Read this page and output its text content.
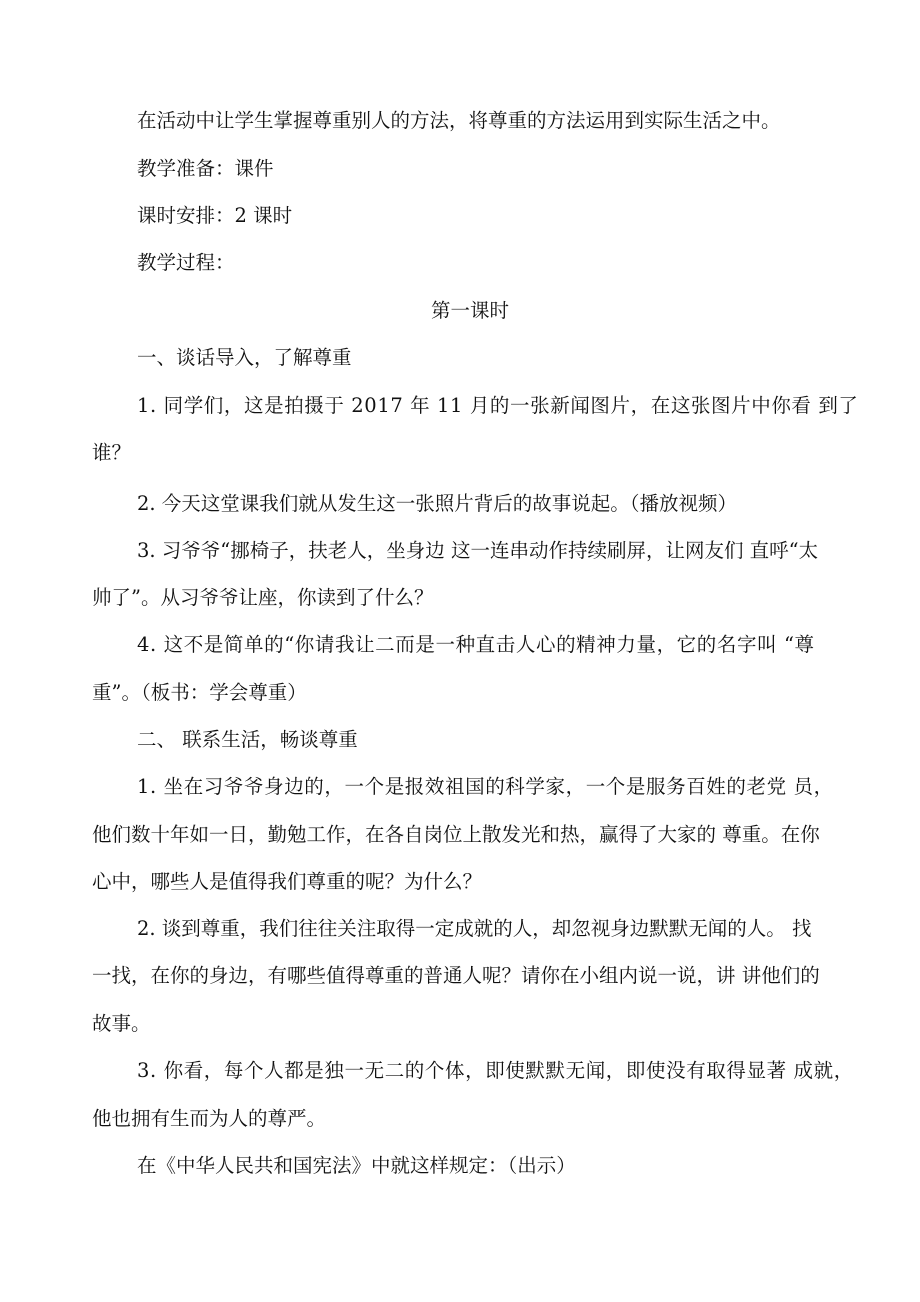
在活动中让学生掌握尊重别人的方法，将尊重的方法运用到实际生活之中。
教学准备：课件
课时安排：2 课时
教学过程：
第一课时
一、谈话导入，了解尊重
1. 同学们，这是拍摄于 2017 年 11 月的一张新闻图片，在这张图片中你看 到了
谁？
2. 今天这堂课我们就从发生这一张照片背后的故事说起。（播放视频）
3. 习爷爷“挪椅子，扶老人，坐身边 这一连串动作持续刷屏，让网友们 直呼“太
帅了”。从习爷爷让座，你读到了什么？
4. 这不是简单的“你请我让二而是一种直击人心的精神力量，它的名字叫 “尊
重”。（板书：学会尊重）
二、 联系生活，畅谈尊重
1. 坐在习爷爷身边的，一个是报效祖国的科学家，一个是服务百姓的老党 员，
他们数十年如一日，勤勉工作，在各自岗位上散发光和热，赢得了大家的 尊重。在你
心中，哪些人是值得我们尊重的呢？为什么？
2. 谈到尊重，我们往往关注取得一定成就的人，却忽视身边默默无闻的人。 找
一找，在你的身边，有哪些值得尊重的普通人呢？请你在小组内说一说，讲 讲他们的
故事。
3. 你看，每个人都是独一无二的个体，即使默默无闻，即使没有取得显著 成就，
他也拥有生而为人的尊严。
在《中华人民共和国宪法》中就这样规定：（出示）
